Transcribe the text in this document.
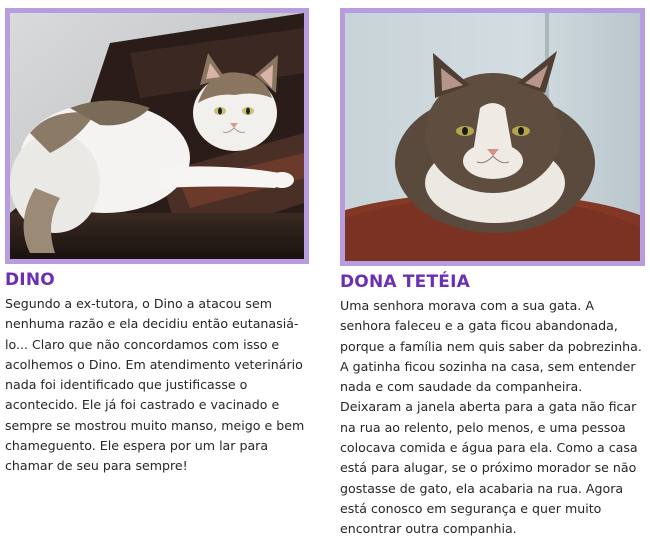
DINO
Segundo a ex-tutora, o Dino a atacou sem nenhuma razão e ela decidiu então eutanasiá-lo... Claro que não concordamos com isso e acolhemos o Dino. Em atendimento veterinário nada foi identificado que justificasse o acontecido. Ele já foi castrado e vacinado e sempre se mostrou muito manso, meigo e bem chameguento. Ele espera por um lar para chamar de seu para sempre!
DONA TETÉIA
Uma senhora morava com a sua gata. A senhora faleceu e a gata ficou abandonada, porque a família nem quis saber da pobrezinha. A gatinha ficou sozinha na casa, sem entender nada e com saudade da companheira. Deixaram a janela aberta para a gata não ficar na rua ao relento, pelo menos, e uma pessoa colocava comida e água para ela. Como a casa está para alugar, se o próximo morador se não gostasse de gato, ela acabaria na rua. Agora está conosco em segurança e quer muito encontrar outra companhia.
